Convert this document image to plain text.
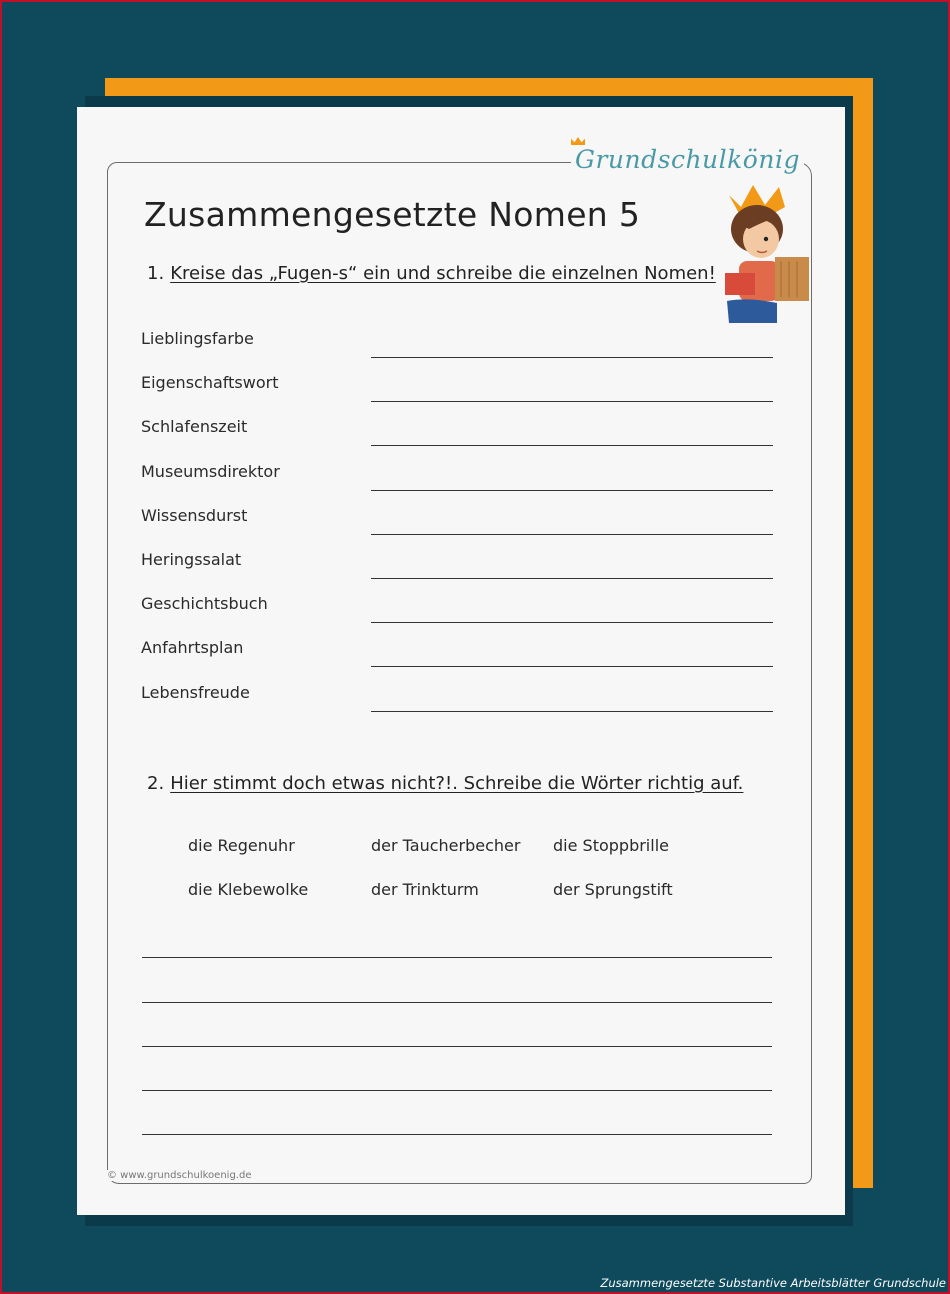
Grundschulkönig
Zusammengesetzte Nomen 5
1. Kreise das „Fugen-s“ ein und schreibe die einzelnen Nomen!
Lieblingsfarbe
Eigenschaftswort
Schlafenszeit
Museumsdirektor
Wissensdurst
Heringssalat
Geschichtsbuch
Anfahrtsplan
Lebensfreude
2. Hier stimmt doch etwas nicht?!. Schreibe die Wörter richtig auf.
die Regenuhr	der Taucherbecher die Stoppbrille
die Klebewolke	der Trinkturm	der Sprungstift
© www.grundschulkoenig.de
Zusammengesetzte Substantive Arbeitsblätter Grundschule
